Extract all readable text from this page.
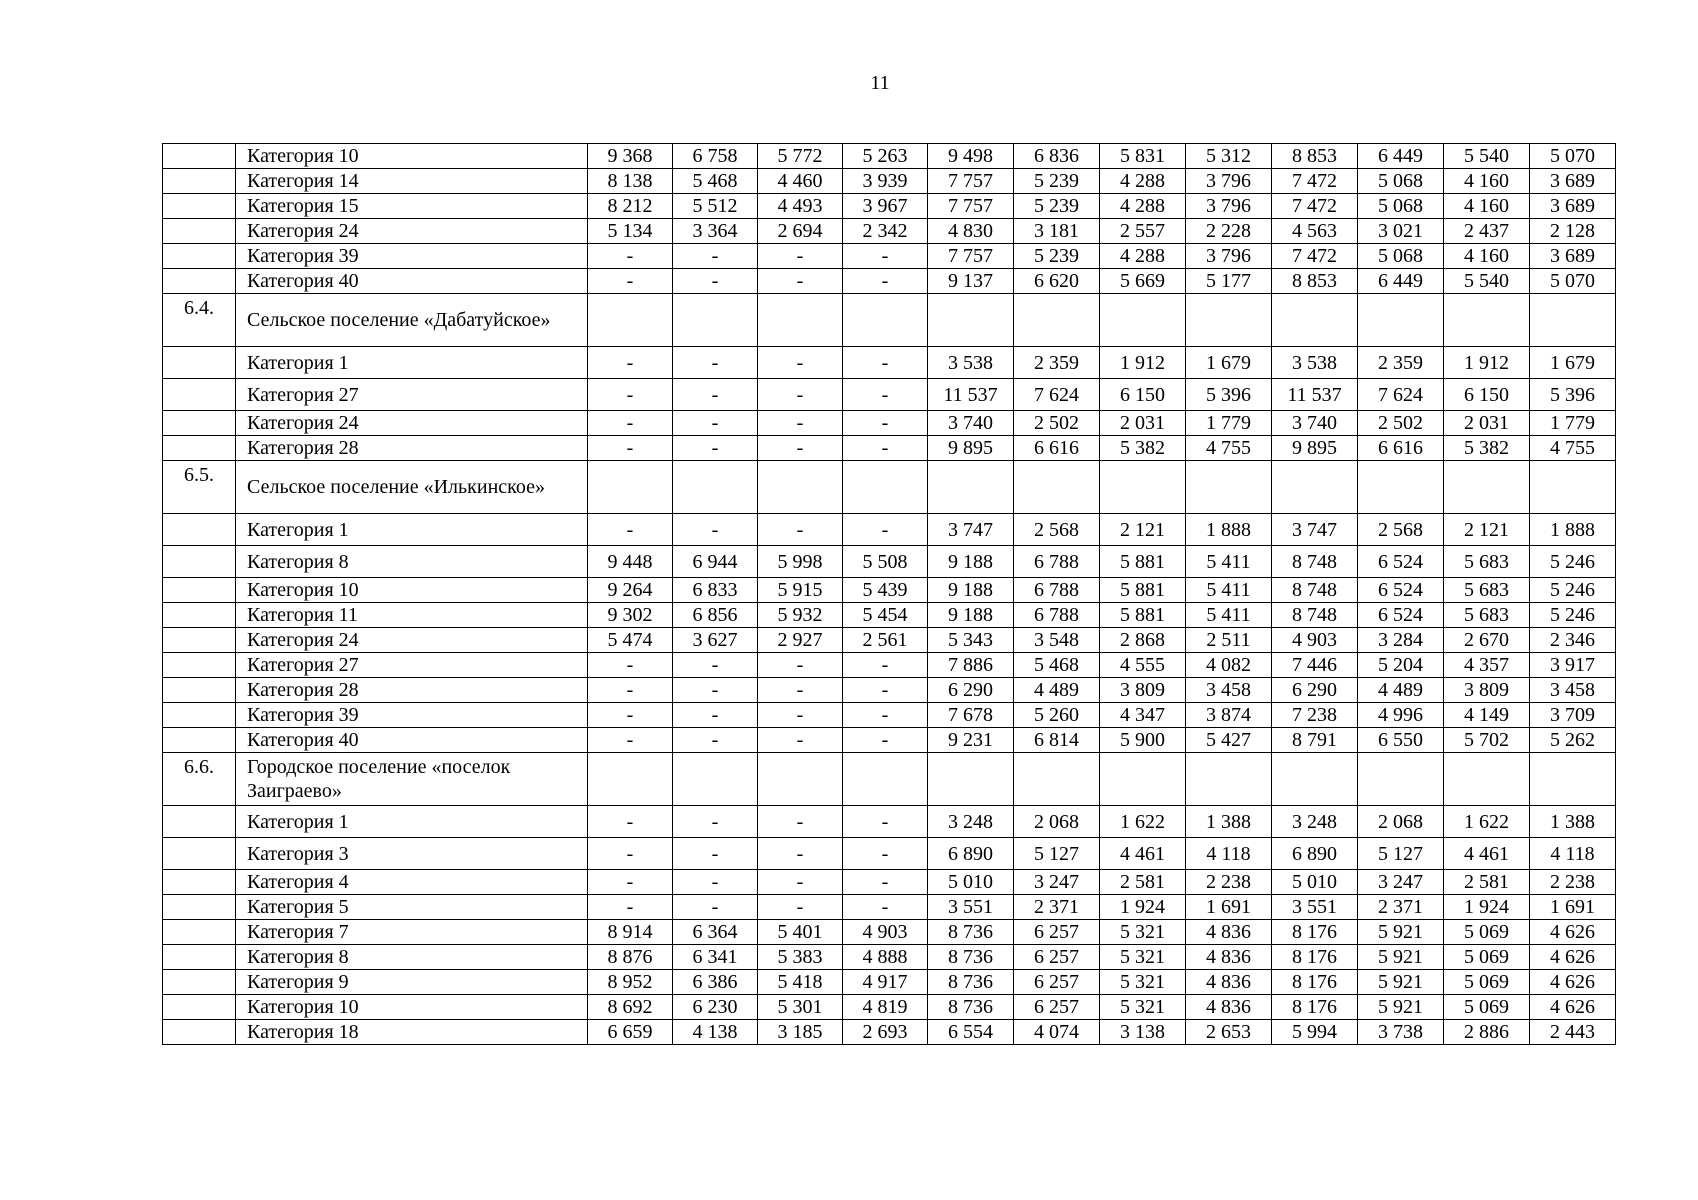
11
	Категория 10	9 368	6 758	5 772	5 263	9 498	6 836	5 831	5 312	8 853	6 449	5 540	5 070
	Категория 14	8 138	5 468	4 460	3 939	7 757	5 239	4 288	3 796	7 472	5 068	4 160	3 689
	Категория 15	8 212	5 512	4 493	3 967	7 757	5 239	4 288	3 796	7 472	5 068	4 160	3 689
	Категория 24	5 134	3 364	2 694	2 342	4 830	3 181	2 557	2 228	4 563	3 021	2 437	2 128
	Категория 39	-	-	-	-	7 757	5 239	4 288	3 796	7 472	5 068	4 160	3 689
	Категория 40	-	-	-	-	9 137	6 620	5 669	5 177	8 853	6 449	5 540	5 070
6.4.	Сельское поселение «Дабатуйское»												
	Категория 1	-	-	-	-	3 538	2 359	1 912	1 679	3 538	2 359	1 912	1 679
	Категория 27	-	-	-	-	11 537	7 624	6 150	5 396	11 537	7 624	6 150	5 396
	Категория 24	-	-	-	-	3 740	2 502	2 031	1 779	3 740	2 502	2 031	1 779
	Категория 28	-	-	-	-	9 895	6 616	5 382	4 755	9 895	6 616	5 382	4 755
6.5.	Сельское поселение «Илькинское»												
	Категория 1	-	-	-	-	3 747	2 568	2 121	1 888	3 747	2 568	2 121	1 888
	Категория 8	9 448	6 944	5 998	5 508	9 188	6 788	5 881	5 411	8 748	6 524	5 683	5 246
	Категория 10	9 264	6 833	5 915	5 439	9 188	6 788	5 881	5 411	8 748	6 524	5 683	5 246
	Категория 11	9 302	6 856	5 932	5 454	9 188	6 788	5 881	5 411	8 748	6 524	5 683	5 246
	Категория 24	5 474	3 627	2 927	2 561	5 343	3 548	2 868	2 511	4 903	3 284	2 670	2 346
	Категория 27	-	-	-	-	7 886	5 468	4 555	4 082	7 446	5 204	4 357	3 917
	Категория 28	-	-	-	-	6 290	4 489	3 809	3 458	6 290	4 489	3 809	3 458
	Категория 39	-	-	-	-	7 678	5 260	4 347	3 874	7 238	4 996	4 149	3 709
	Категория 40	-	-	-	-	9 231	6 814	5 900	5 427	8 791	6 550	5 702	5 262
6.6.	Городское поселение «поселок Заиграево»												
	Категория 1	-	-	-	-	3 248	2 068	1 622	1 388	3 248	2 068	1 622	1 388
	Категория 3	-	-	-	-	6 890	5 127	4 461	4 118	6 890	5 127	4 461	4 118
	Категория 4	-	-	-	-	5 010	3 247	2 581	2 238	5 010	3 247	2 581	2 238
	Категория 5	-	-	-	-	3 551	2 371	1 924	1 691	3 551	2 371	1 924	1 691
	Категория 7	8 914	6 364	5 401	4 903	8 736	6 257	5 321	4 836	8 176	5 921	5 069	4 626
	Категория 8	8 876	6 341	5 383	4 888	8 736	6 257	5 321	4 836	8 176	5 921	5 069	4 626
	Категория 9	8 952	6 386	5 418	4 917	8 736	6 257	5 321	4 836	8 176	5 921	5 069	4 626
	Категория 10	8 692	6 230	5 301	4 819	8 736	6 257	5 321	4 836	8 176	5 921	5 069	4 626
	Категория 18	6 659	4 138	3 185	2 693	6 554	4 074	3 138	2 653	5 994	3 738	2 886	2 443
